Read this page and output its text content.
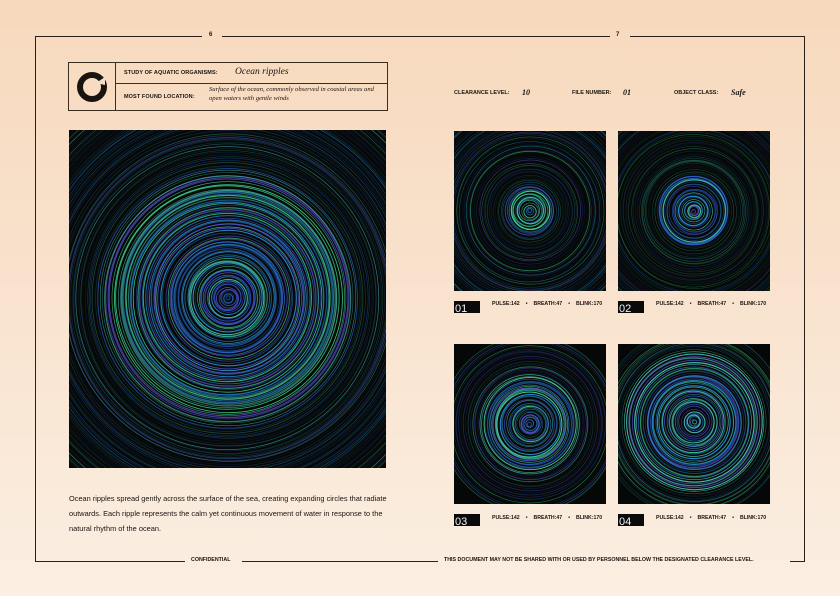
6	7
STUDY OF AQUATIC ORGANISMS: Ocean ripples
MOST FOUND LOCATION:
Surface of the ocean, commonly observed in coastal areas and open waters with gentle winds
CLEARANCE LEVEL: 10	FILE NUMBER: 01	OBJECT CLASS: Safe
01	PULSE:142 • BREATH:47 • BLINK:170 02	PULSE:142 • BREATH:47 • BLINK:170
03	PULSE:142 • BREATH:47 • BLINK:170 04	PULSE:142 • BREATH:47 • BLINK:170
Ocean ripples spread gently across the surface of the sea, creating expanding circles that radiate outwards. Each ripple represents the calm yet continuous movement of water in response to the natural rhythm of the ocean.
CONFIDENTIAL	THIS DOCUMENT MAY NOT BE SHARED WITH OR USED BY PERSONNEL BELOW THE DESIGNATED CLEARANCE LEVEL.
